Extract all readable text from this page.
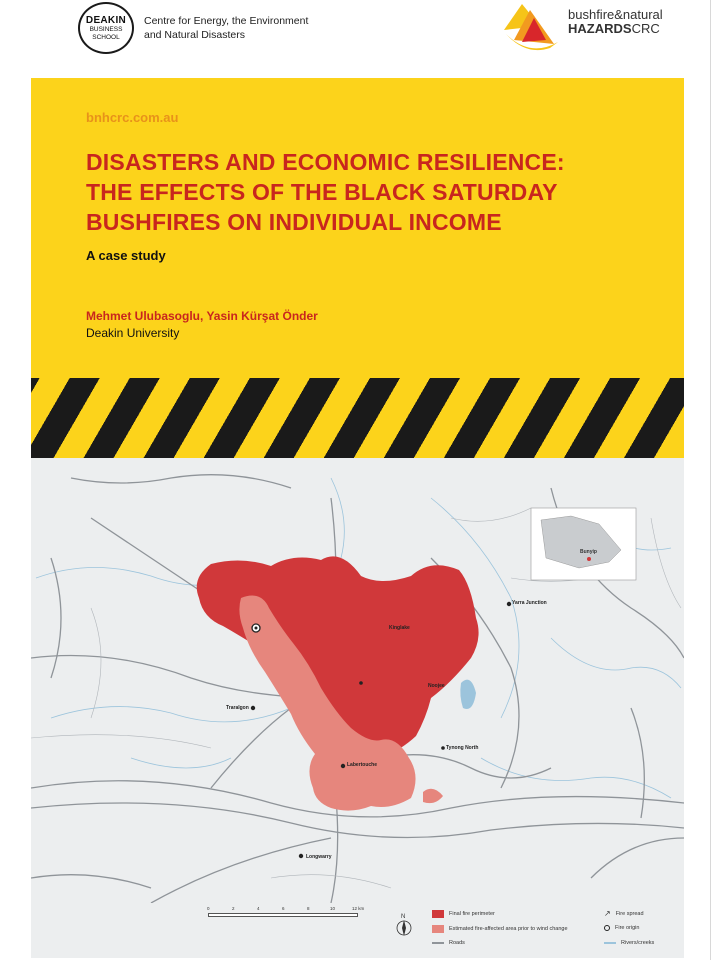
DEAKIN
BUSINESS
SCHOOL
Centre for Energy, the Environment
and Natural Disasters
bushfire&natural
HAZARDSCRC
bnhcrc.com.au
DISASTERS AND ECONOMIC RESILIENCE:
THE EFFECTS OF THE BLACK SATURDAY
BUSHFIRES ON INDIVIDUAL INCOME
A case study
Mehmet Ulubasoglu, Yasin Kürşat Önder
Deakin University
Bunyip
Yarra Junction
Kinglake
Traralgon
Labertouche
Longwarry
Tynong North
Noojee
0	2	4	6	8	10	12 km
N	Final fire perimeter
Estimated fire-affected area prior to wind change
Roads
↗ Fire spread
Fire origin
Rivers/creeks
